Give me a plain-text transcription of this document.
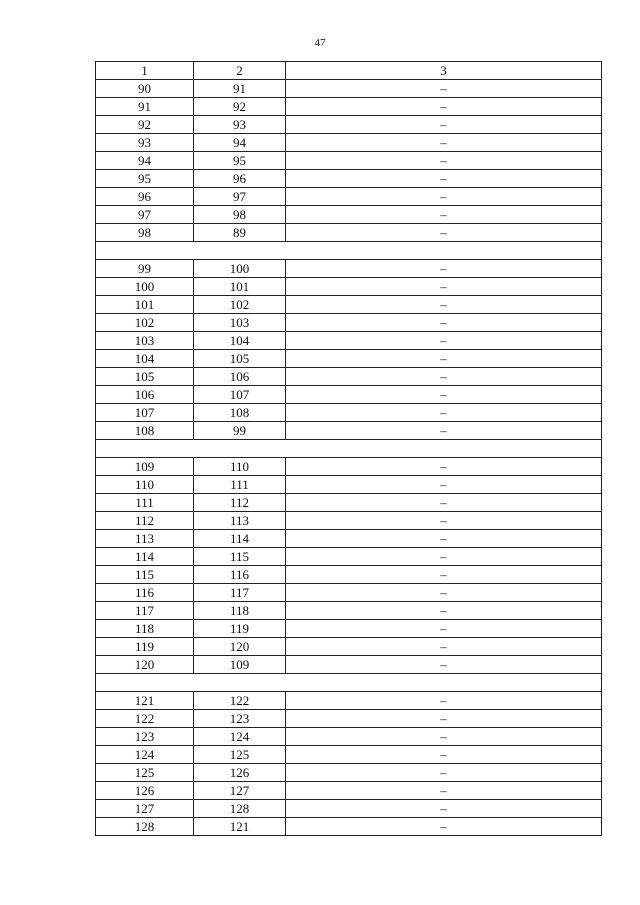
47
1	2	3
90	91	–
91	92	–
92	93	–
93	94	–
94	95	–
95	96	–
96	97	–
97	98	–
98	89	–

99	100	–
100	101	–
101	102	–
102	103	–
103	104	–
104	105	–
105	106	–
106	107	–
107	108	–
108	99	–

109	110	–
110	111	–
111	112	–
112	113	–
113	114	–
114	115	–
115	116	–
116	117	–
117	118	–
118	119	–
119	120	–
120	109	–

121	122	–
122	123	–
123	124	–
124	125	–
125	126	–
126	127	–
127	128	–
128	121	–
